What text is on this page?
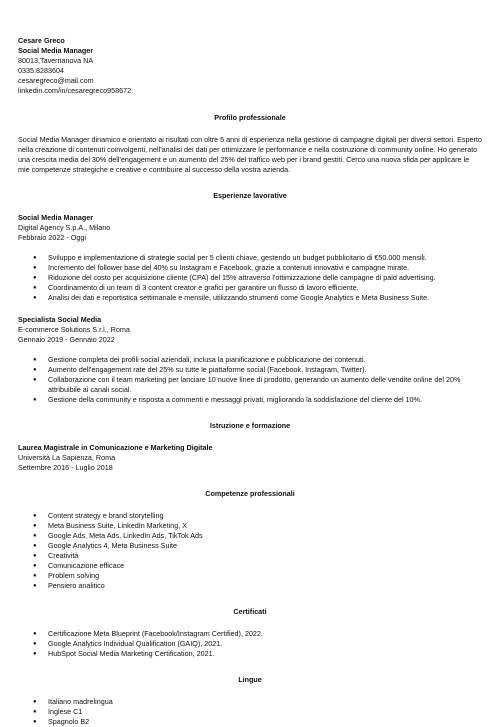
Cesare Greco
Social Media Manager
80013,Tavernanova NA
0335.8283604
cesaregreco@mail.com
linkedin.com/in/cesaregreco958672
Profilo professionale

Social Media Manager dinamico e orientato ai risultati con oltre 5 anni di esperienza nella gestione di campagne digitali per diversi settori. Esperto nella creazione di contenuti coinvolgenti, nell'analisi dei dati per ottimizzare le performance e nella costruzione di community online. Ho generato una crescita media del 30% dell'engagement e un aumento del 25% del traffico web per i brand gestiti. Cerco una nuova sfida per applicare le mie competenze strategiche e creative e contribuire al successo della vostra azienda.

Esperienze lavorative
Social Media Manager
Digital Agency S.p.A., Milano
Febbraio 2022 - Oggi
● Sviluppo e implementazione di strategie social per 5 clienti chiave, gestendo un budget pubblicitario di €50.000 mensili.
● Incremento del follower base del 40% su Instagram e Facebook, grazie a contenuti innovativi e campagne mirate.
● Riduzione del costo per acquisizione cliente (CPA) del 15% attraverso l'ottimizzazione delle campagne di paid advertising.
● Coordinamento di un team di 3 content creator e grafici per garantire un flusso di lavoro efficiente.
● Analisi dei dati e reportistica settimanale e mensile, utilizzando strumenti come Google Analytics e Meta Business Suite.
Specialista Social Media
E-commerce Solutions S.r.l., Roma
Gennaio 2019 - Gennaio 2022
● Gestione completa dei profili social aziendali, inclusa la pianificazione e pubblicazione dei contenuti.
● Aumento dell'engagement rate del 25% su tutte le piattaforme social (Facebook, Instagram, Twitter).
● Collaborazione con il team marketing per lanciare 10 nuove linee di prodotto, generando un aumento delle vendite online del 20% attribuibile ai canali social.
● Gestione della community e risposta a commenti e messaggi privati, migliorando la soddisfazione del cliente del 10%.
Istruzione e formazione
Laurea Magistrale in Comunicazione e Marketing Digitale
Università La Sapienza, Roma
Settembre 2016 - Luglio 2018
Competenze professionali
● Content strategy e brand storytelling
● Meta Business Suite, LinkedIn Marketing, X
● Google Ads, Meta Ads, LinkedIn Ads, TikTok Ads
● Google Analytics 4, Meta Business Suite
● Creatività
● Comunicazione efficace
● Problem solving
● Pensiero analitico
Certificati
● Certificazione Meta Blueprint (Facebook/Instagram Certified), 2022.
● Google Analytics Individual Qualification (GAIQ), 2021.
● HubSpot Social Media Marketing Certification, 2021.
Lingue
● Italiano madrelingua
● Inglese C1
● Spagnolo B2
